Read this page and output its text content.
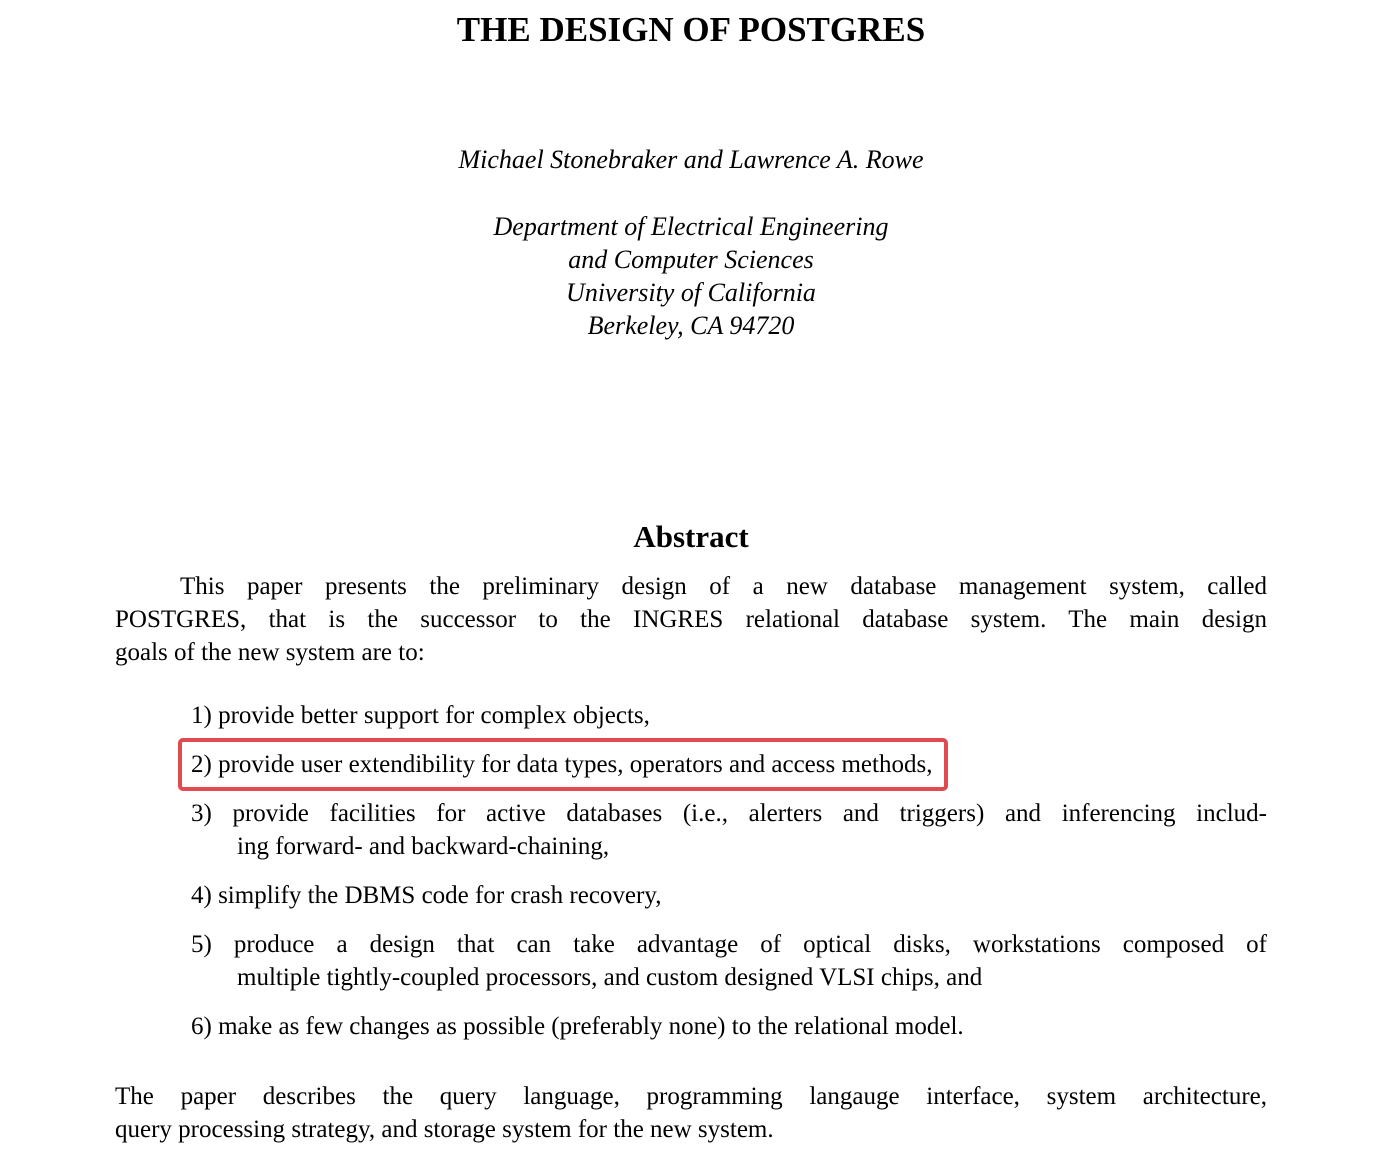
THE DESIGN OF POSTGRES
Michael Stonebraker and Lawrence A. Rowe
Department of Electrical Engineering
and Computer Sciences
University of California
Berkeley, CA 94720
Abstract
This paper presents the preliminary design of a new database management system, called
POSTGRES, that is the successor to the INGRES relational database system. The main design
goals of the new system are to:
1) provide better support for complex objects,
2) provide user extendibility for data types, operators and access methods,
3) provide facilities for active databases (i.e., alerters and triggers) and inferencing includ-
ing forward- and backward-chaining,
4) simplify the DBMS code for crash recovery,
5) produce a design that can take advantage of optical disks, workstations composed of
multiple tightly-coupled processors, and custom designed VLSI chips, and
6) make as few changes as possible (preferably none) to the relational model.
The paper describes the query language, programming langauge interface, system architecture,
query processing strategy, and storage system for the new system.
